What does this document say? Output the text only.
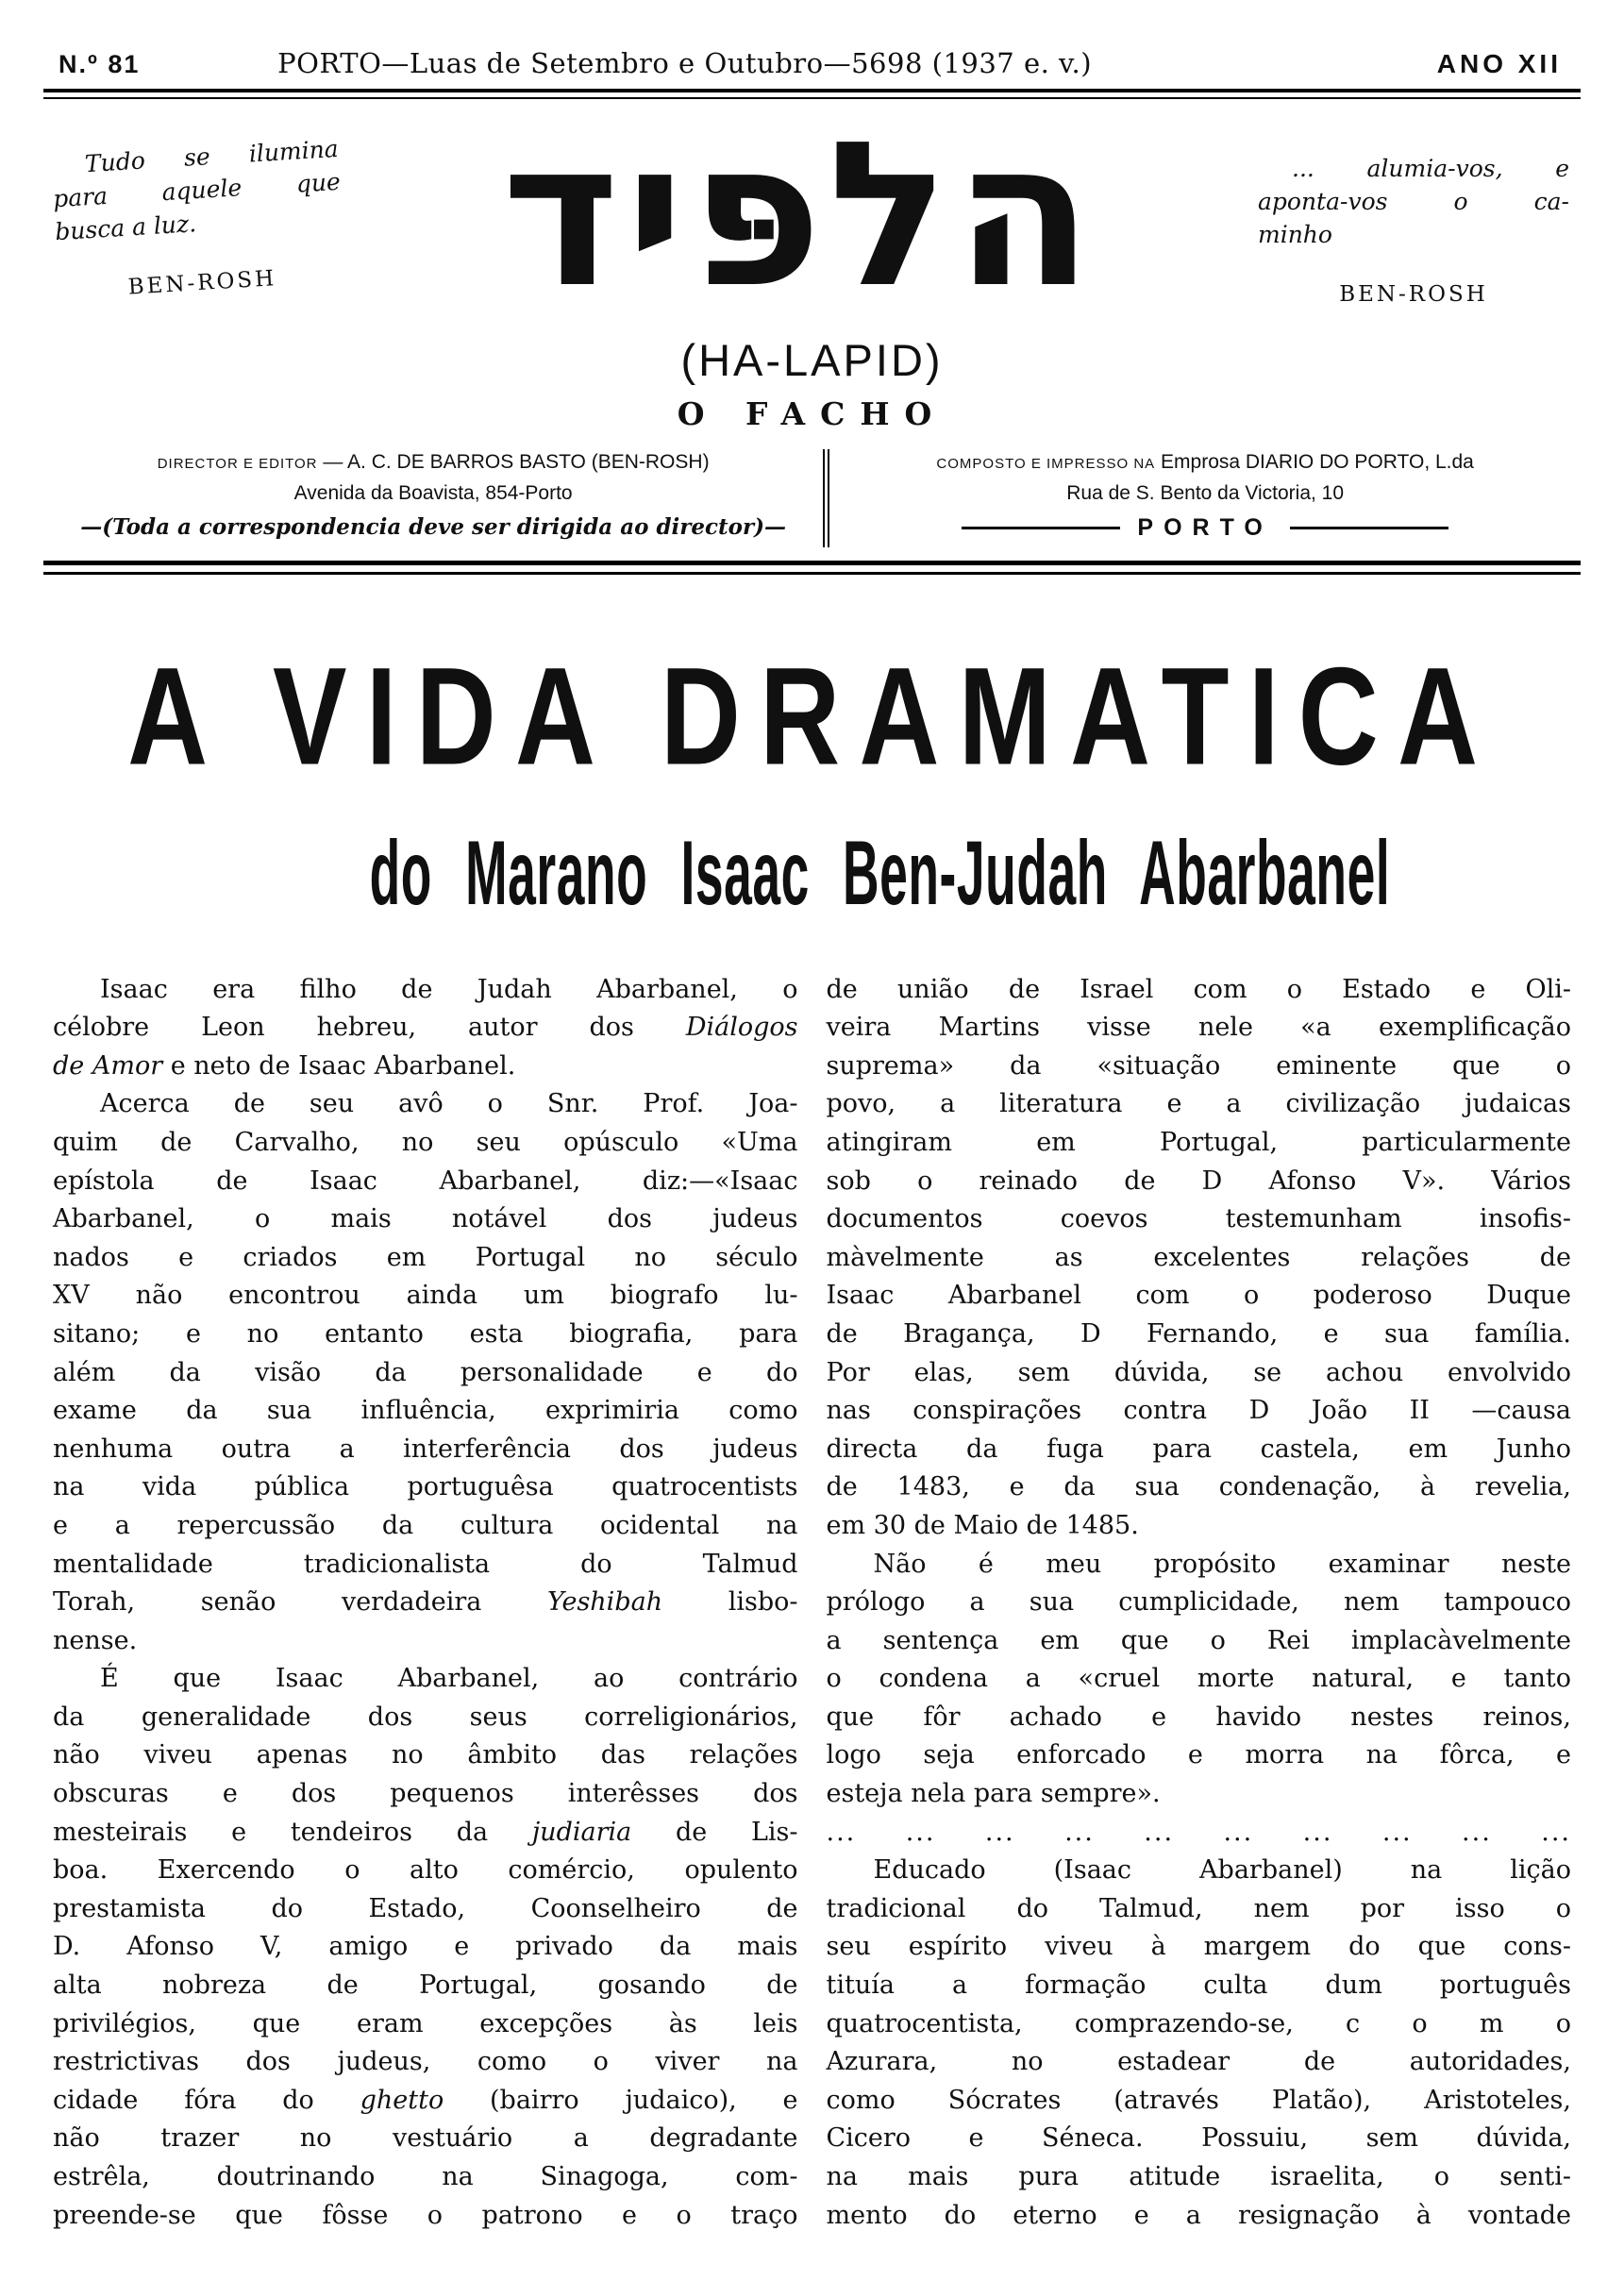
N.º 81	PORTO—Luas de Setembro e Outubro—5698 (1937 e. v.)	ANO XII
Tudo se ilumina
para aquele que
busca a luz.
BEN-ROSH	הלפּיד	... alumia-vos, e
aponta-vos o ca-
minho
BEN-ROSH
(HA-LAPID)
O FACHO
DIRECTOR E EDITOR — A. C. DE BARROS BASTO (BEN-ROSH)
Avenida da Boavista, 854-Porto
—(Toda a correspondencia deve ser dirigida ao director)—
COMPOSTO E IMPRESSO NA Emprosa DIARIO DO PORTO, L.da
Rua de S. Bento da Victoria, 10
PORTO
A VIDA DRAMATICA
do Marano Isaac Ben-Judah Abarbanel
Isaac era filho de Judah Abarbanel, o
célobre Leon hebreu, autor dos Diálogos
de Amor e neto de Isaac Abarbanel.
Acerca de seu avô o Snr. Prof. Joa-
quim de Carvalho, no seu opúsculo «Uma
epístola de Isaac Abarbanel, diz:—«Isaac
Abarbanel, o mais notável dos judeus
nados e criados em Portugal no século
XV não encontrou ainda um biografo lu-
sitano; e no entanto esta biografia, para
além da visão da personalidade e do
exame da sua influência, exprimiria como
nenhuma outra a interferência dos judeus
na vida pública portuguêsa quatrocentists
e a repercussão da cultura ocidental na
mentalidade tradicionalista do Talmud
Torah, senão verdadeira Yeshibah lisbo-
nense.
É que Isaac Abarbanel, ao contrário
da generalidade dos seus correligionários,
não viveu apenas no âmbito das relações
obscuras e dos pequenos interêsses dos
mesteirais e tendeiros da judiaria de Lis-
boa. Exercendo o alto comércio, opulento
prestamista do Estado, Coonselheiro de
D. Afonso V, amigo e privado da mais
alta nobreza de Portugal, gosando de
privilégios, que eram excepções às leis
restrictivas dos judeus, como o viver na
cidade fóra do ghetto (bairro judaico), e
não trazer no vestuário a degradante
estrêla, doutrinando na Sinagoga, com-
preende-se que fôsse o patrono e o traço
de união de Israel com o Estado e Oli-
veira Martins visse nele «a exemplificação
suprema» da «situação eminente que o
povo, a literatura e a civilização judaicas
atingiram em Portugal, particularmente
sob o reinado de D Afonso V». Vários
documentos coevos testemunham insofis-
màvelmente as excelentes relações de
Isaac Abarbanel com o poderoso Duque
de Bragança, D Fernando, e sua família.
Por elas, sem dúvida, se achou envolvido
nas conspirações contra D João II —causa
directa da fuga para castela, em Junho
de 1483, e da sua condenação, à revelia,
em 30 de Maio de 1485.
Não é meu propósito examinar neste
prólogo a sua cumplicidade, nem tampouco
a sentença em que o Rei implacàvelmente
o condena a «cruel morte natural, e tanto
que fôr achado e havido nestes reinos,
logo seja enforcado e morra na fôrca, e
esteja nela para sempre».
... ... ... ... ... ... ... ... ... ...
Educado (Isaac Abarbanel) na lição
tradicional do Talmud, nem por isso o
seu espírito viveu à margem do que cons-
tituía a formação culta dum português
quatrocentista, comprazendo-se, c o m o
Azurara, no estadear de autoridades,
como Sócrates (através Platão), Aristoteles,
Cicero e Séneca. Possuiu, sem dúvida,
na mais pura atitude israelita, o senti-
mento do eterno e a resignação à vontade
